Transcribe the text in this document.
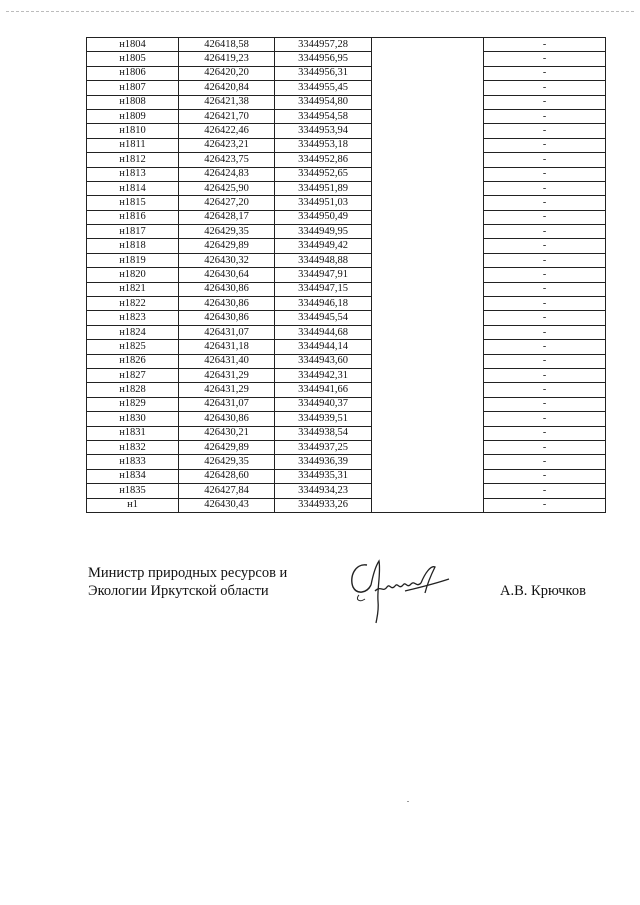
н1804	426418,58	3344957,28		-
н1805	426419,23	3344956,95		-
н1806	426420,20	3344956,31		-
н1807	426420,84	3344955,45		-
н1808	426421,38	3344954,80		-
н1809	426421,70	3344954,58		-
н1810	426422,46	3344953,94		-
н1811	426423,21	3344953,18		-
н1812	426423,75	3344952,86		-
н1813	426424,83	3344952,65		-
н1814	426425,90	3344951,89		-
н1815	426427,20	3344951,03		-
н1816	426428,17	3344950,49		-
н1817	426429,35	3344949,95		-
н1818	426429,89	3344949,42		-
н1819	426430,32	3344948,88		-
н1820	426430,64	3344947,91		-
н1821	426430,86	3344947,15		-
н1822	426430,86	3344946,18		-
н1823	426430,86	3344945,54		-
н1824	426431,07	3344944,68		-
н1825	426431,18	3344944,14		-
н1826	426431,40	3344943,60		-
н1827	426431,29	3344942,31		-
н1828	426431,29	3344941,66		-
н1829	426431,07	3344940,37		-
н1830	426430,86	3344939,51		-
н1831	426430,21	3344938,54		-
н1832	426429,89	3344937,25		-
н1833	426429,35	3344936,39		-
н1834	426428,60	3344935,31		-
н1835	426427,84	3344934,23		-
н1	426430,43	3344933,26		-
Министр природных ресурсов и
Экологии Иркутской области	А.В. Крючков
